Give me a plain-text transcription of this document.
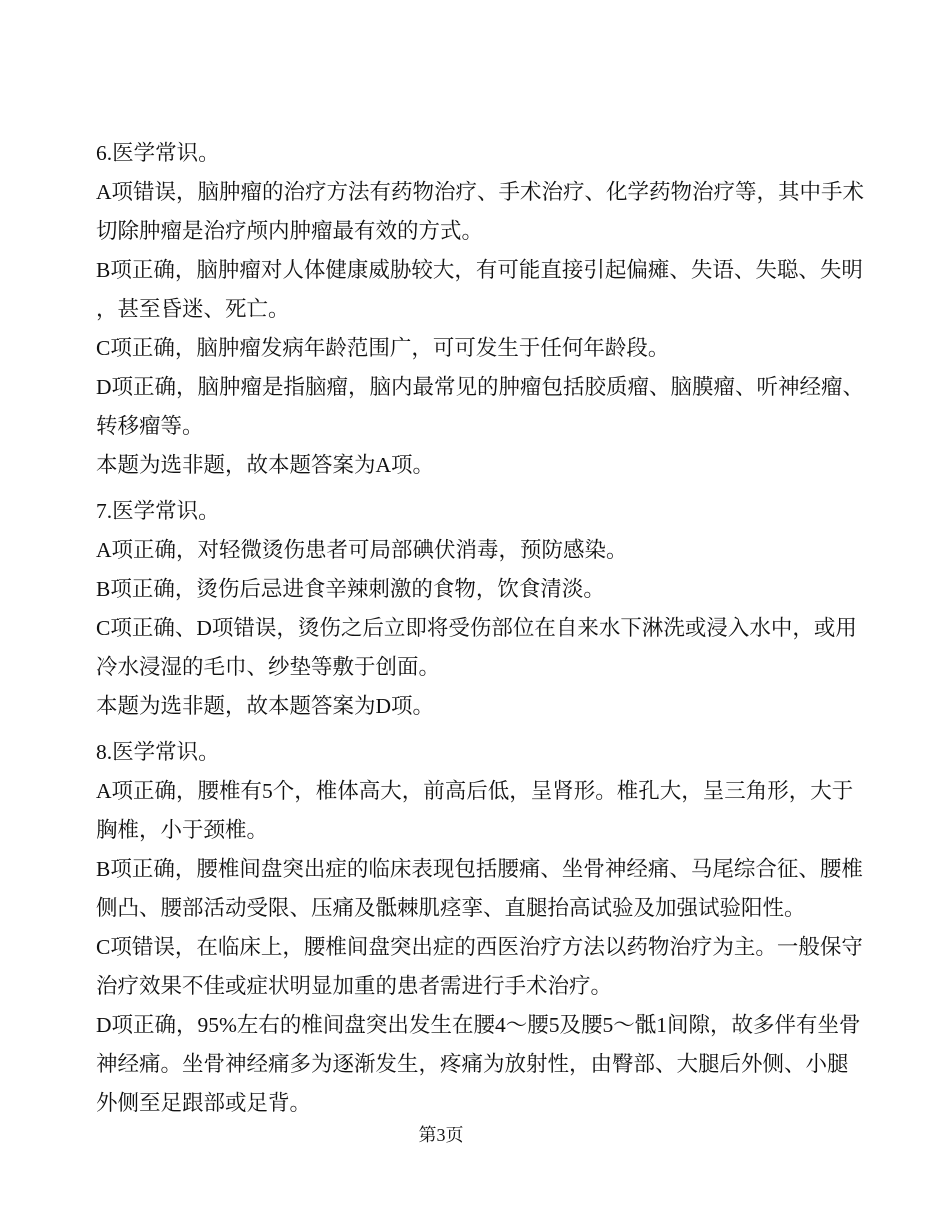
6.医学常识。
A项错误，脑肿瘤的治疗方法有药物治疗、手术治疗、化学药物治疗等，其中手术
切除肿瘤是治疗颅内肿瘤最有效的方式。
B项正确，脑肿瘤对人体健康威胁较大，有可能直接引起偏瘫、失语、失聪、失明
，甚至昏迷、死亡。
C项正确，脑肿瘤发病年龄范围广，可可发生于任何年龄段。
D项正确，脑肿瘤是指脑瘤，脑内最常见的肿瘤包括胶质瘤、脑膜瘤、听神经瘤、
转移瘤等。
本题为选非题，故本题答案为A项。
7.医学常识。
A项正确，对轻微烫伤患者可局部碘伏消毒，预防感染。
B项正确，烫伤后忌进食辛辣刺激的食物，饮食清淡。
C项正确、D项错误，烫伤之后立即将受伤部位在自来水下淋洗或浸入水中，或用
冷水浸湿的毛巾、纱垫等敷于创面。
本题为选非题，故本题答案为D项。
8.医学常识。
A项正确，腰椎有5个，椎体高大，前高后低，呈肾形。椎孔大，呈三角形，大于
胸椎，小于颈椎。
B项正确，腰椎间盘突出症的临床表现包括腰痛、坐骨神经痛、马尾综合征、腰椎
侧凸、腰部活动受限、压痛及骶棘肌痉挛、直腿抬高试验及加强试验阳性。
C项错误，在临床上，腰椎间盘突出症的西医治疗方法以药物治疗为主。一般保守
治疗效果不佳或症状明显加重的患者需进行手术治疗。
D项正确，95%左右的椎间盘突出发生在腰4～腰5及腰5～骶1间隙，故多伴有坐骨
神经痛。坐骨神经痛多为逐渐发生，疼痛为放射性，由臀部、大腿后外侧、小腿
外侧至足跟部或足背。
第3页
